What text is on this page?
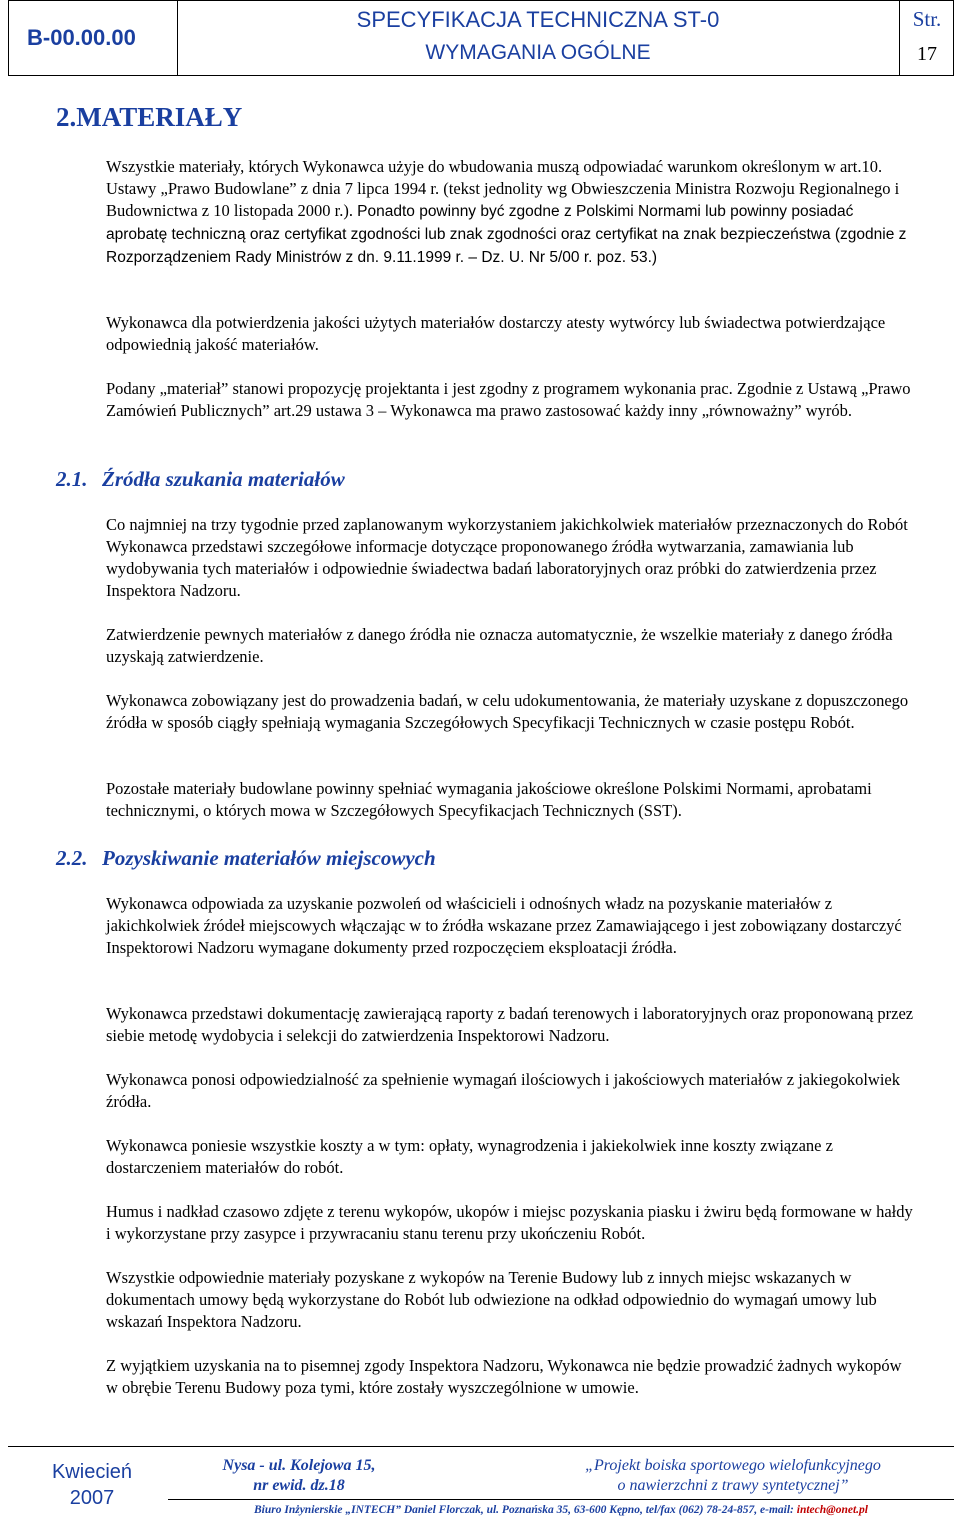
B-00.00.00
SPECYFIKACJA TECHNICZNA ST-0
WYMAGANIA OGÓLNE
Str.
17
2.MATERIAŁY

Wszystkie materiały, których Wykonawca użyje do wbudowania muszą odpowiadać warunkom określonym w art.10. Ustawy „Prawo Budowlane” z dnia 7 lipca 1994 r. (tekst jednolity wg Obwieszczenia Ministra Rozwoju Regionalnego i Budownictwa z 10 listopada 2000 r.). Ponadto powinny być zgodne z Polskimi Normami lub powinny posiadać aprobatę techniczną oraz certyfikat zgodności lub znak zgodności oraz certyfikat na znak bezpieczeństwa (zgodnie z Rozporządzeniem Rady Ministrów z dn. 9.11.1999 r. – Dz. U. Nr 5/00 r. poz. 53.)

Wykonawca dla potwierdzenia jakości użytych materiałów dostarczy atesty wytwórcy lub świadectwa potwierdzające odpowiednią jakość materiałów.

Podany „materiał” stanowi propozycję projektanta i jest zgodny z programem wykonania prac. Zgodnie z Ustawą „Prawo Zamówień Publicznych” art.29 ustawa 3 – Wykonawca ma prawo zastosować każdy inny „równoważny” wyrób.

2.1. Źródła szukania materiałów

Co najmniej na trzy tygodnie przed zaplanowanym wykorzystaniem jakichkolwiek materiałów przeznaczonych do Robót Wykonawca przedstawi szczegółowe informacje dotyczące proponowanego źródła wytwarzania, zamawiania lub wydobywania tych materiałów i odpowiednie świadectwa badań laboratoryjnych oraz próbki do zatwierdzenia przez Inspektora Nadzoru.

Zatwierdzenie pewnych materiałów z danego źródła nie oznacza automatycznie, że wszelkie materiały z danego źródła uzyskają zatwierdzenie.

Wykonawca zobowiązany jest do prowadzenia badań, w celu udokumentowania, że materiały uzyskane z dopuszczonego źródła w sposób ciągły spełniają wymagania Szczegółowych Specyfikacji Technicznych w czasie postępu Robót.

Pozostałe materiały budowlane powinny spełniać wymagania jakościowe określone Polskimi Normami, aprobatami technicznymi, o których mowa w Szczegółowych Specyfikacjach Technicznych (SST).

2.2. Pozyskiwanie materiałów miejscowych

Wykonawca odpowiada za uzyskanie pozwoleń od właścicieli i odnośnych władz na pozyskanie materiałów z jakichkolwiek źródeł miejscowych włączając w to źródła wskazane przez Zamawiającego i jest zobowiązany dostarczyć Inspektorowi Nadzoru wymagane dokumenty przed rozpoczęciem eksploatacji źródła.

Wykonawca przedstawi dokumentację zawierającą raporty z badań terenowych i laboratoryjnych oraz proponowaną przez siebie metodę wydobycia i selekcji do zatwierdzenia Inspektorowi Nadzoru.

Wykonawca ponosi odpowiedzialność za spełnienie wymagań ilościowych i jakościowych materiałów z jakiegokolwiek źródła.

Wykonawca poniesie wszystkie koszty a w tym: opłaty, wynagrodzenia i jakiekolwiek inne koszty związane z dostarczeniem materiałów do robót.

Humus i nadkład czasowo zdjęte z terenu wykopów, ukopów i miejsc pozyskania piasku i żwiru będą formowane w hałdy i wykorzystane przy zasypce i przywracaniu stanu terenu przy ukończeniu Robót.

Wszystkie odpowiednie materiały pozyskane z wykopów na Terenie Budowy lub z innych miejsc wskazanych w dokumentach umowy będą wykorzystane do Robót lub odwiezione na odkład odpowiednio do wymagań umowy lub wskazań Inspektora Nadzoru.

Z wyjątkiem uzyskania na to pisemnej zgody Inspektora Nadzoru, Wykonawca nie będzie prowadzić żadnych wykopów w obrębie Terenu Budowy poza tymi, które zostały wyszczególnione w umowie.

Kwiecień
2007
Nysa - ul. Kolejowa 15,
nr ewid. dz.18
„Projekt boiska sportowego wielofunkcyjnego
o nawierzchni z trawy syntetycznej”
Biuro Inżynierskie „INTECH” Daniel Florczak, ul. Poznańska 35, 63-600 Kępno, tel/fax (062) 78-24-857, e-mail: intech@onet.pl
